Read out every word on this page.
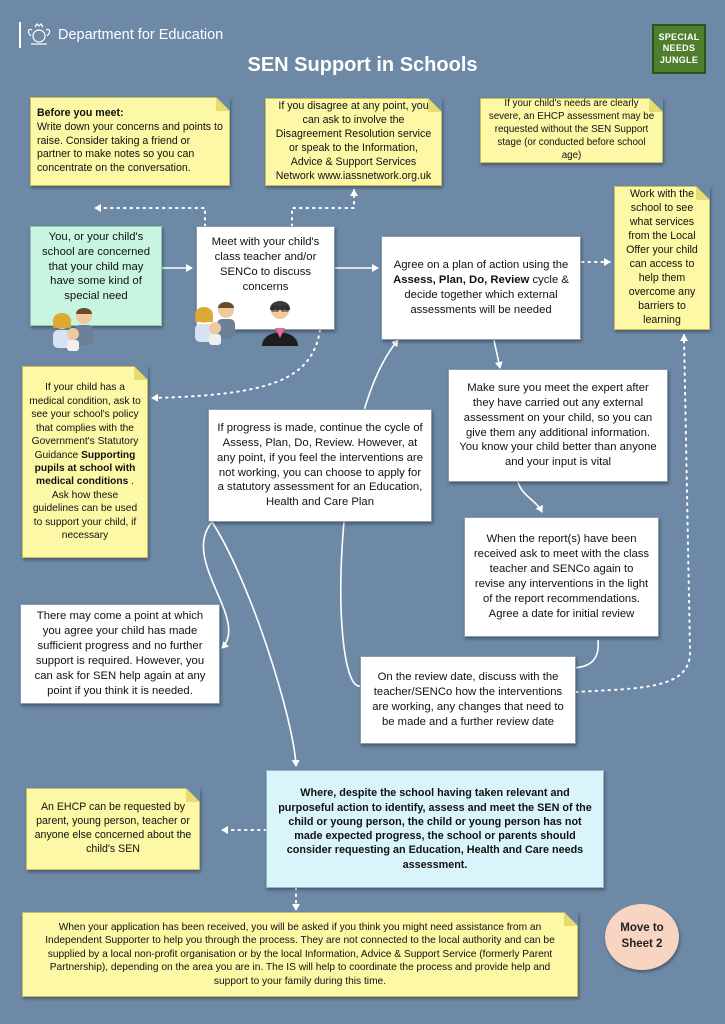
Department for Education
SEN Support in Schools
SPECIAL
NEEDS
JUNGLE
Before you meet:
Write down your concerns and points to raise. Consider taking a friend or partner to make notes so you can concentrate on the conversation.
If you disagree at any point, you can ask to involve the Disagreement Resolution service or speak to the Information, Advice & Support Services Network www.iassnetwork.org.uk
If your child's needs are clearly severe, an EHCP assessment may be requested without the SEN Support stage (or conducted before school age)
Work with the school to see what services from the Local Offer your child can access to help them overcome any barriers to learning
If your child has a medical condition, ask to see your school's policy that complies with the Government's Statutory Guidance Supporting pupils at school with medical conditions . Ask how these guidelines can be used to support your child, if necessary
An EHCP can be requested by parent, young person, teacher or anyone else concerned about the child's SEN
When your application has been received, you will be asked if you think you might need assistance from an Independent Supporter to help you through the process. They are not connected to the local authority and can be supplied by a local non-profit organisation or by the local Information, Advice & Support Service (formerly Parent Partnership), depending on the area you are in. The IS will help to coordinate the process and provide help and support to your family during this time.
You, or your child's school are concerned that your child may have some kind of special need
Meet with your child's class teacher and/or SENCo to discuss concerns
Agree on a plan of action using the Assess, Plan, Do, Review cycle & decide together which external assessments will be needed
Make sure you meet the expert after they have carried out any external assessment on your child, so you can give them any additional information. You know your child better than anyone and your input is vital
If progress is made, continue the cycle of Assess, Plan, Do, Review. However, at any point, if you feel the interventions are not working, you can choose to apply for a statutory assessment for an Education, Health and Care Plan
When the report(s) have been received ask to meet with the class teacher and SENCo again to revise any interventions in the light of the report recommendations. Agree a date for initial review
There may come a point at which you agree your child has made sufficient progress and no further support is required. However, you can ask for SEN help again at any point if you think it is needed.
On the review date, discuss with the teacher/SENCo how the interventions are working, any changes that need to be made and a further review date
Where, despite the school having taken relevant and purposeful action to identify, assess and meet the SEN of the child or young person, the child or young person has not made expected progress, the school or parents should consider requesting an Education, Health and Care needs assessment.
Move to Sheet 2
